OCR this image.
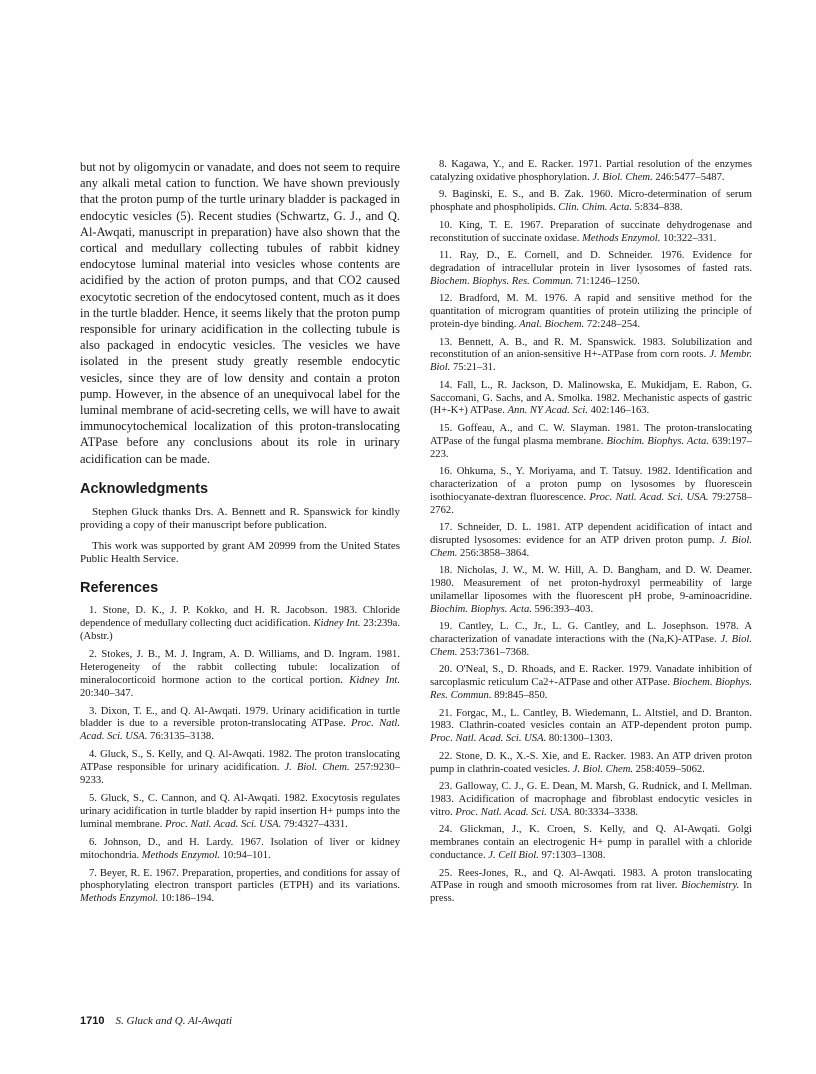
but not by oligomycin or vanadate, and does not seem to require any alkali metal cation to function. We have shown previously that the proton pump of the turtle urinary bladder is packaged in endocytic vesicles (5). Recent studies (Schwartz, G. J., and Q. Al-Awqati, manuscript in preparation) have also shown that the cortical and medullary collecting tubules of rabbit kidney endocytose luminal material into vesicles whose contents are acidified by the action of proton pumps, and that CO2 caused exocytotic secretion of the endocytosed content, much as it does in the turtle bladder. Hence, it seems likely that the proton pump responsible for urinary acidification in the collecting tubule is also packaged in endocytic vesicles. The vesicles we have isolated in the present study greatly resemble endocytic vesicles, since they are of low density and contain a proton pump. However, in the absence of an unequivocal label for the luminal membrane of acid-secreting cells, we will have to await immunocytochemical localization of this proton-translocating ATPase before any conclusions about its role in urinary acidification can be made.

Acknowledgments

Stephen Gluck thanks Drs. A. Bennett and R. Spanswick for kindly providing a copy of their manuscript before publication.

This work was supported by grant AM 20999 from the United States Public Health Service.

References

1. Stone, D. K., J. P. Kokko, and H. R. Jacobson. 1983. Chloride dependence of medullary collecting duct acidification. Kidney Int. 23:239a. (Abstr.)

2. Stokes, J. B., M. J. Ingram, A. D. Williams, and D. Ingram. 1981. Heterogeneity of the rabbit collecting tubule: localization of mineralocorticoid hormone action to the cortical portion. Kidney Int. 20:340–347.

3. Dixon, T. E., and Q. Al-Awqati. 1979. Urinary acidification in turtle bladder is due to a reversible proton-translocating ATPase. Proc. Natl. Acad. Sci. USA. 76:3135–3138.

4. Gluck, S., S. Kelly, and Q. Al-Awqati. 1982. The proton translocating ATPase responsible for urinary acidification. J. Biol. Chem. 257:9230–9233.

5. Gluck, S., C. Cannon, and Q. Al-Awqati. 1982. Exocytosis regulates urinary acidification in turtle bladder by rapid insertion H+ pumps into the luminal membrane. Proc. Natl. Acad. Sci. USA. 79:4327–4331.

6. Johnson, D., and H. Lardy. 1967. Isolation of liver or kidney mitochondria. Methods Enzymol. 10:94–101.

7. Beyer, R. E. 1967. Preparation, properties, and conditions for assay of phosphorylating electron transport particles (ETPH) and its variations. Methods Enzymol. 10:186–194.

8. Kagawa, Y., and E. Racker. 1971. Partial resolution of the enzymes catalyzing oxidative phosphorylation. J. Biol. Chem. 246:5477–5487.

9. Baginski, E. S., and B. Zak. 1960. Micro-determination of serum phosphate and phospholipids. Clin. Chim. Acta. 5:834–838.

10. King, T. E. 1967. Preparation of succinate dehydrogenase and reconstitution of succinate oxidase. Methods Enzymol. 10:322–331.

11. Ray, D., E. Cornell, and D. Schneider. 1976. Evidence for degradation of intracellular protein in liver lysosomes of fasted rats. Biochem. Biophys. Res. Commun. 71:1246–1250.

12. Bradford, M. M. 1976. A rapid and sensitive method for the quantitation of microgram quantities of protein utilizing the principle of protein-dye binding. Anal. Biochem. 72:248–254.

13. Bennett, A. B., and R. M. Spanswick. 1983. Solubilization and reconstitution of an anion-sensitive H+-ATPase from corn roots. J. Membr. Biol. 75:21–31.

14. Fall, L., R. Jackson, D. Malinowska, E. Mukidjam, E. Rabon, G. Saccomani, G. Sachs, and A. Smolka. 1982. Mechanistic aspects of gastric (H+-K+) ATPase. Ann. NY Acad. Sci. 402:146–163.

15. Goffeau, A., and C. W. Slayman. 1981. The proton-translocating ATPase of the fungal plasma membrane. Biochim. Biophys. Acta. 639:197–223.

16. Ohkuma, S., Y. Moriyama, and T. Tatsuy. 1982. Identification and characterization of a proton pump on lysosomes by fluorescein isothiocyanate-dextran fluorescence. Proc. Natl. Acad. Sci. USA. 79:2758–2762.

17. Schneider, D. L. 1981. ATP dependent acidification of intact and disrupted lysosomes: evidence for an ATP driven proton pump. J. Biol. Chem. 256:3858–3864.

18. Nicholas, J. W., M. W. Hill, A. D. Bangham, and D. W. Deamer. 1980. Measurement of net proton-hydroxyl permeability of large unilamellar liposomes with the fluorescent pH probe, 9-aminoacridine. Biochim. Biophys. Acta. 596:393–403.

19. Cantley, L. C., Jr., L. G. Cantley, and L. Josephson. 1978. A characterization of vanadate interactions with the (Na,K)-ATPase. J. Biol. Chem. 253:7361–7368.

20. O'Neal, S., D. Rhoads, and E. Racker. 1979. Vanadate inhibition of sarcoplasmic reticulum Ca2+-ATPase and other ATPase. Biochem. Biophys. Res. Commun. 89:845–850.

21. Forgac, M., L. Cantley, B. Wiedemann, L. Altstiel, and D. Branton. 1983. Clathrin-coated vesicles contain an ATP-dependent proton pump. Proc. Natl. Acad. Sci. USA. 80:1300–1303.

22. Stone, D. K., X.-S. Xie, and E. Racker. 1983. An ATP driven proton pump in clathrin-coated vesicles. J. Biol. Chem. 258:4059–5062.

23. Galloway, C. J., G. E. Dean, M. Marsh, G. Rudnick, and I. Mellman. 1983. Acidification of macrophage and fibroblast endocytic vesicles in vitro. Proc. Natl. Acad. Sci. USA. 80:3334–3338.

24. Glickman, J., K. Croen, S. Kelly, and Q. Al-Awqati. Golgi membranes contain an electrogenic H+ pump in parallel with a chloride conductance. J. Cell Biol. 97:1303–1308.

25. Rees-Jones, R., and Q. Al-Awqati. 1983. A proton translocating ATPase in rough and smooth microsomes from rat liver. Biochemistry. In press.

1710 S. Gluck and Q. Al-Awqati
